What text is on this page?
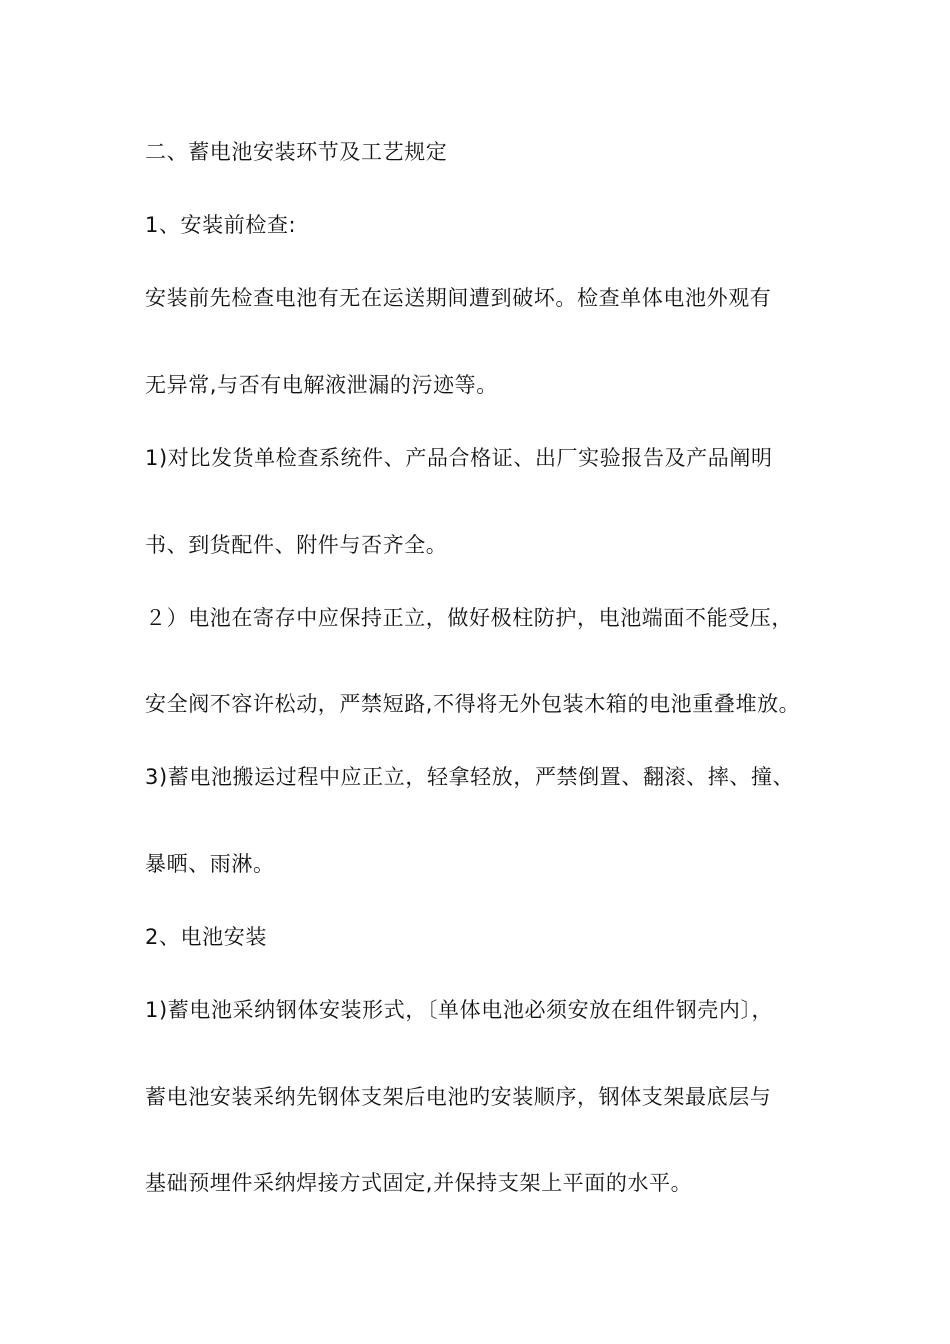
二、蓄电池安装环节及工艺规定
1、安装前检查:
安装前先检查电池有无在运送期间遭到破坏。检查单体电池外观有
无异常,与否有电解液泄漏的污迹等。
1)对比发货单检查系统件、产品合格证、出厂实验报告及产品阐明
书、到货配件、附件与否齐全。
２）电池在寄存中应保持正立，做好极柱防护，电池端面不能受压，
安全阀不容许松动，严禁短路,不得将无外包装木箱的电池重叠堆放。
3)蓄电池搬运过程中应正立，轻拿轻放，严禁倒置、翻滚、摔、撞、
暴晒、雨淋。
2、电池安装
1)蓄电池采纳钢体安装形式，〔单体电池必须安放在组件钢壳内〕，
蓄电池安装采纳先钢体支架后电池旳安装顺序，钢体支架最底层与
基础预埋件采纳焊接方式固定,并保持支架上平面的水平。
